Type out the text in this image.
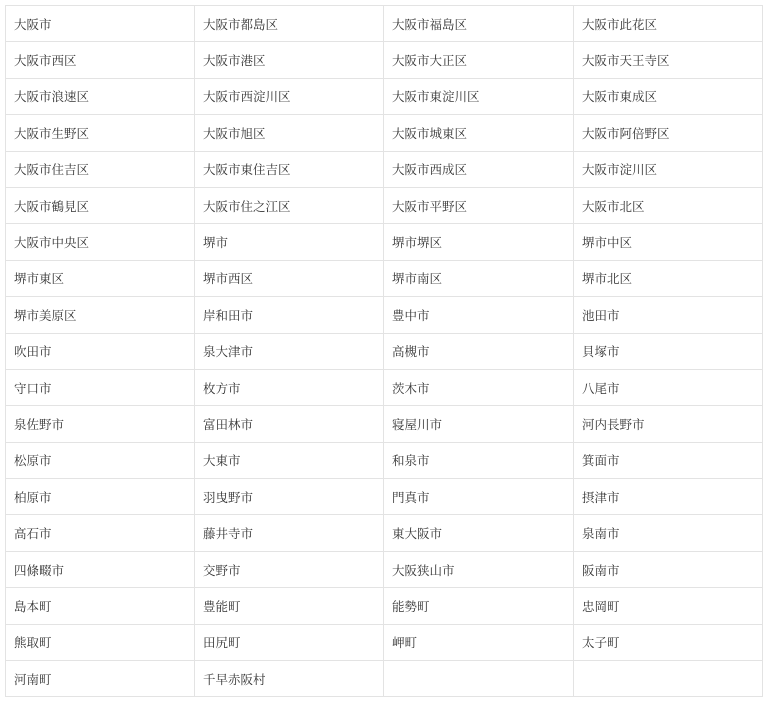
大阪市	大阪市都島区	大阪市福島区	大阪市此花区
大阪市西区	大阪市港区	大阪市大正区	大阪市天王寺区
大阪市浪速区	大阪市西淀川区	大阪市東淀川区	大阪市東成区
大阪市生野区	大阪市旭区	大阪市城東区	大阪市阿倍野区
大阪市住吉区	大阪市東住吉区	大阪市西成区	大阪市淀川区
大阪市鶴見区	大阪市住之江区	大阪市平野区	大阪市北区
大阪市中央区	堺市	堺市堺区	堺市中区
堺市東区	堺市西区	堺市南区	堺市北区
堺市美原区	岸和田市	豊中市	池田市
吹田市	泉大津市	高槻市	貝塚市
守口市	枚方市	茨木市	八尾市
泉佐野市	富田林市	寝屋川市	河内長野市
松原市	大東市	和泉市	箕面市
柏原市	羽曳野市	門真市	摂津市
高石市	藤井寺市	東大阪市	泉南市
四條畷市	交野市	大阪狭山市	阪南市
島本町	豊能町	能勢町	忠岡町
熊取町	田尻町	岬町	太子町
河南町	千早赤阪村		
